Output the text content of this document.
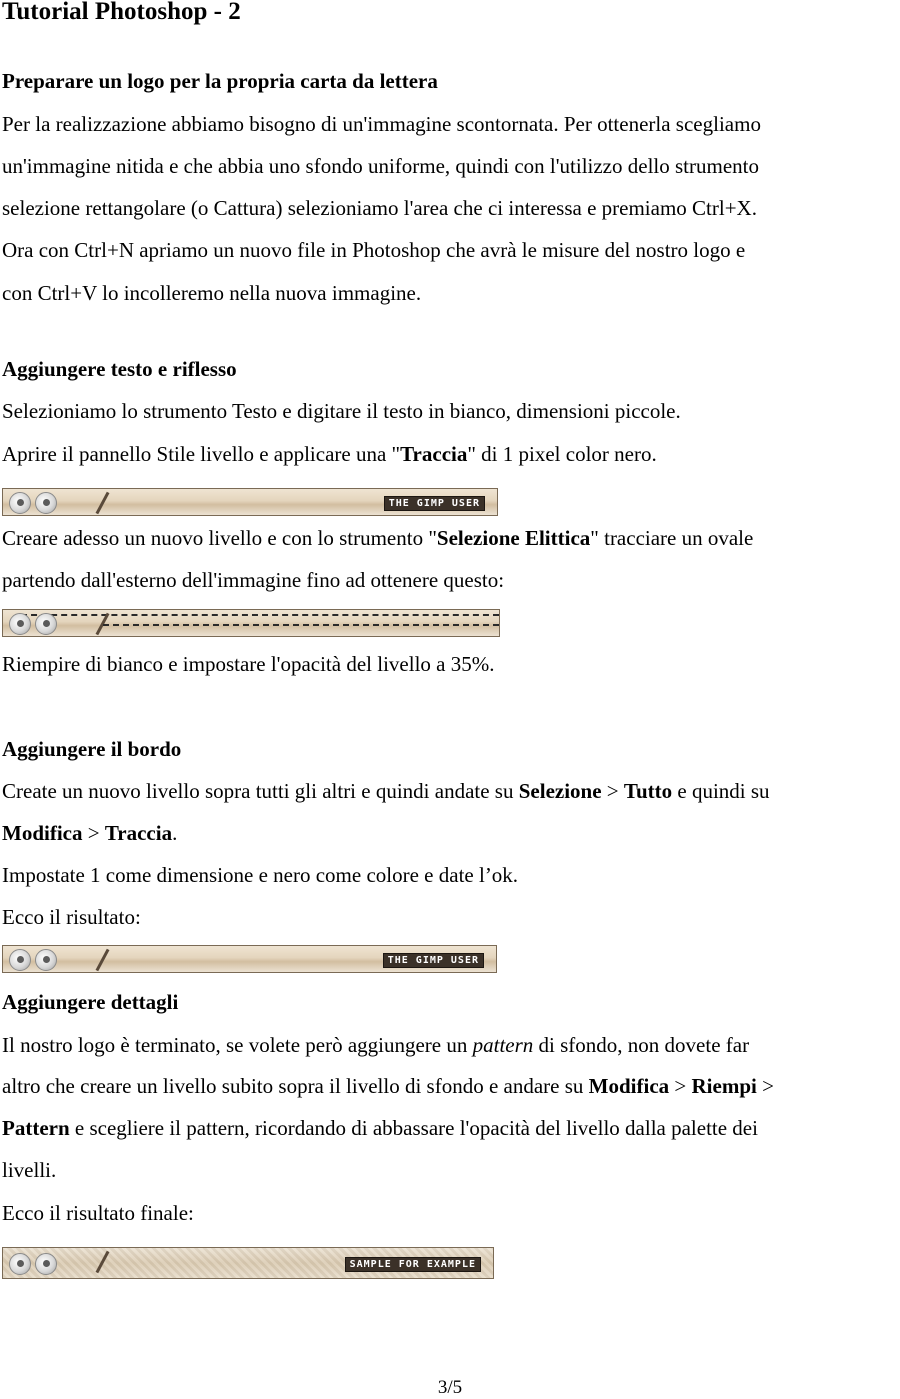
Tutorial Photoshop - 2

Preparare un logo per la propria carta da lettera

Per la realizzazione abbiamo bisogno di un'immagine scontornata. Per ottenerla scegliamo

un'immagine nitida e che abbia uno sfondo uniforme, quindi con l'utilizzo dello strumento

selezione rettangolare (o Cattura) selezioniamo l'area che ci interessa e premiamo Ctrl+X.

Ora con Ctrl+N apriamo un nuovo file in Photoshop che avrà le misure del nostro logo e

con Ctrl+V lo incolleremo nella nuova immagine.

Aggiungere testo e riflesso

Selezioniamo lo strumento Testo e digitare il testo in bianco, dimensioni piccole.

Aprire il pannello Stile livello e applicare una "Traccia" di 1 pixel color nero.

THE GIMP USER

Creare adesso un nuovo livello e con lo strumento "Selezione Elittica" tracciare un ovale

partendo dall'esterno dell'immagine fino ad ottenere questo:

Riempire di bianco e impostare l'opacità del livello a 35%.

Aggiungere il bordo

Create un nuovo livello sopra tutti gli altri e quindi andate su Selezione > Tutto e quindi su

Modifica > Traccia.

Impostate 1 come dimensione e nero come colore e date l’ok.

Ecco il risultato:

THE GIMP USER

Aggiungere dettagli

Il nostro logo è terminato, se volete però aggiungere un pattern di sfondo, non dovete far

altro che creare un livello subito sopra il livello di sfondo e andare su Modifica > Riempi >

Pattern e scegliere il pattern, ricordando di abbassare l'opacità del livello dalla palette dei

livelli.

Ecco il risultato finale:

SAMPLE FOR EXAMPLE
3/5
